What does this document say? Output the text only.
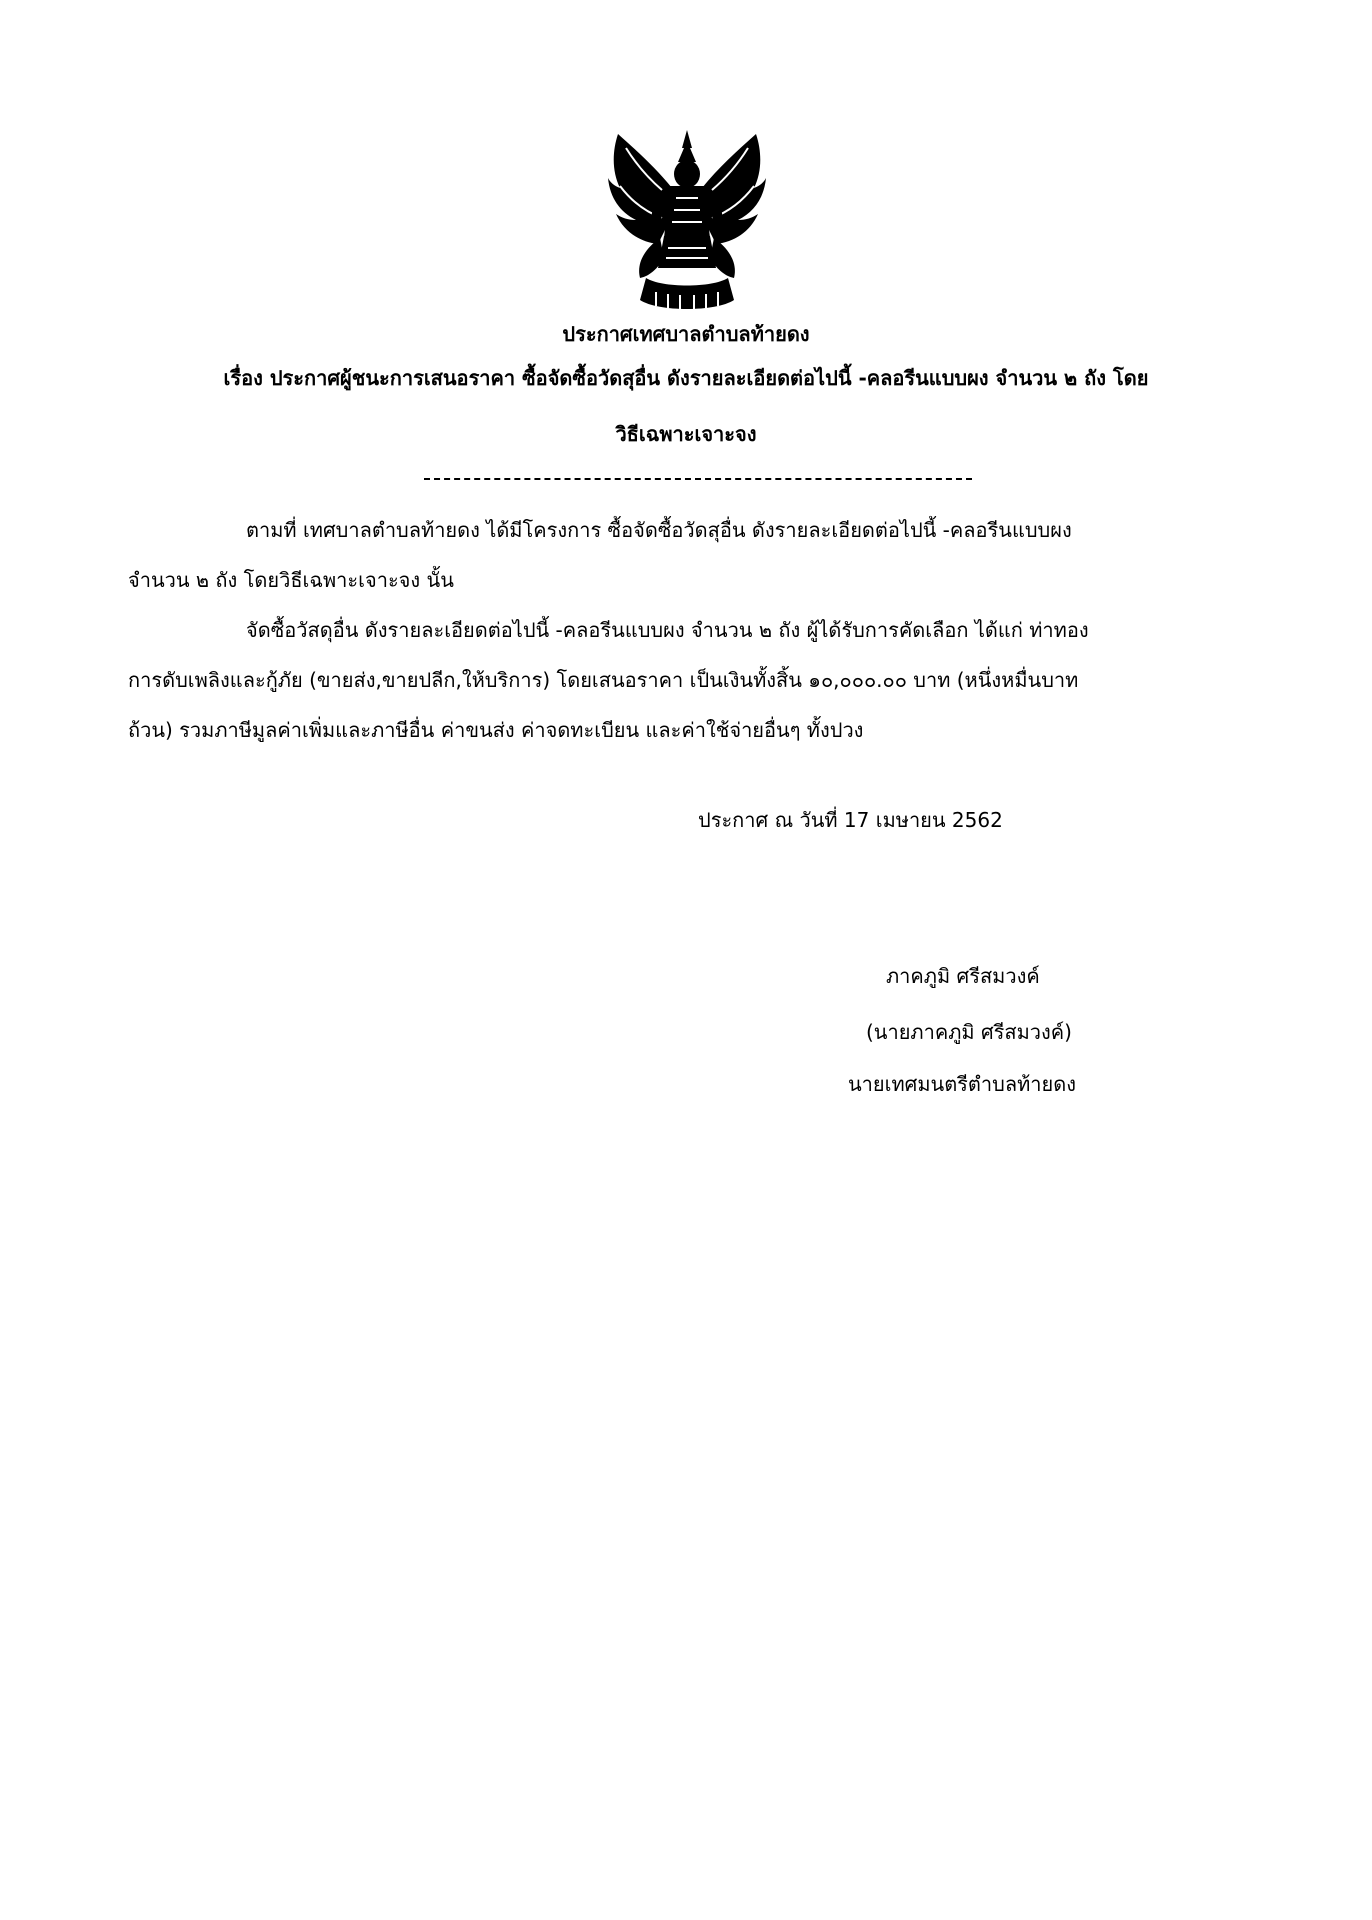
ประกาศเทศบาลตำบลท้ายดง
เรื่อง ประกาศผู้ชนะการเสนอราคา ซื้อจัดซื้อวัดสุอื่น ดังรายละเอียดต่อไปนี้ -คลอรีนแบบผง จำนวน ๒ ถัง โดย
วิธีเฉพาะเจาะจง
ตามที่ เทศบาลตำบลท้ายดง ได้มีโครงการ ซื้อจัดซื้อวัดสุอื่น ดังรายละเอียดต่อไปนี้ -คลอรีนแบบผง
จำนวน ๒ ถัง โดยวิธีเฉพาะเจาะจง นั้น
จัดซื้อวัสดุอื่น ดังรายละเอียดต่อไปนี้ -คลอรีนแบบผง จำนวน ๒ ถัง ผู้ได้รับการคัดเลือก ได้แก่ ท่าทอง
การดับเพลิงและกู้ภัย (ขายส่ง,ขายปลีก,ให้บริการ) โดยเสนอราคา เป็นเงินทั้งสิ้น ๑๐,๐๐๐.๐๐ บาท (หนึ่งหมื่นบาท
ถ้วน) รวมภาษีมูลค่าเพิ่มและภาษีอื่น ค่าขนส่ง ค่าจดทะเบียน และค่าใช้จ่ายอื่นๆ ทั้งปวง
ประกาศ ณ วันที่ 17 เมษายน 2562
ภาคภูมิ ศรีสมวงค์
(นายภาคภูมิ ศรีสมวงค์)
นายเทศมนตรีตำบลท้ายดง
